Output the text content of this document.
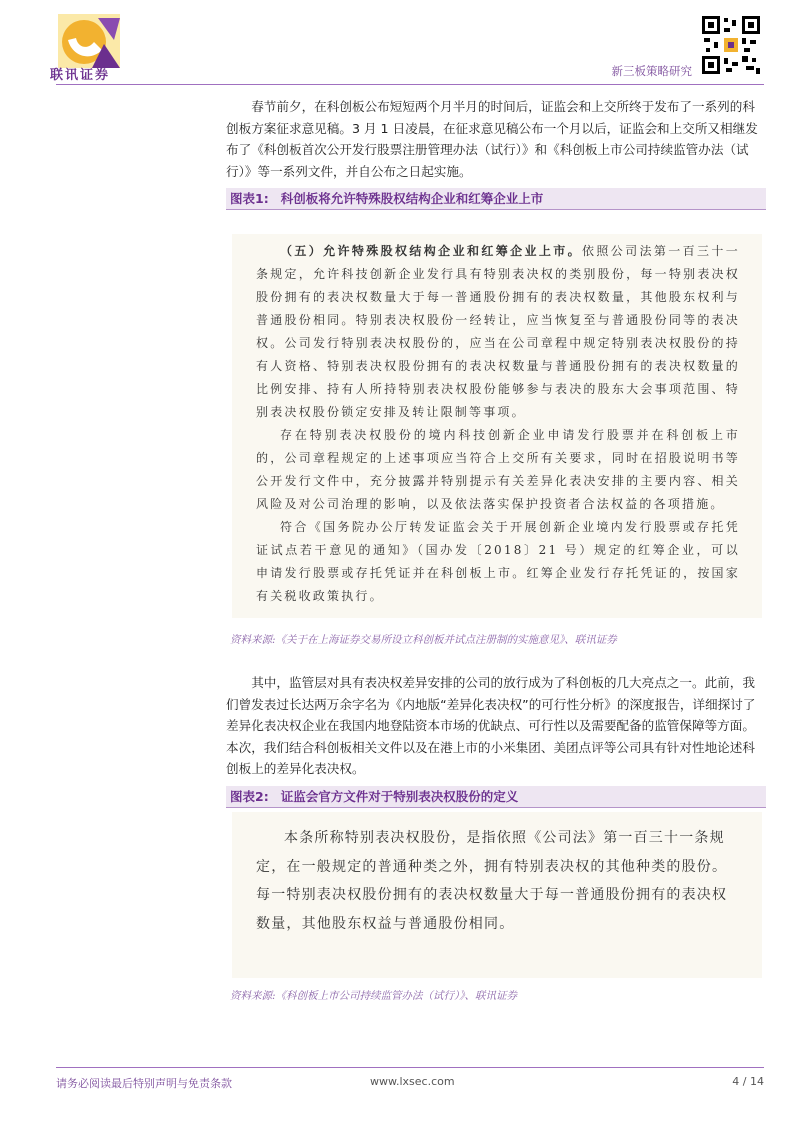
联讯证券	新三板策略研究

春节前夕，在科创板公布短短两个月半月的时间后，证监会和上交所终于发布了一系列的科创板方案征求意见稿。3 月 1 日凌晨，在征求意见稿公布一个月以后，证监会和上交所又相继发布了《科创板首次公开发行股票注册管理办法（试行）》和《科创板上市公司持续监管办法（试行）》等一系列文件，并自公布之日起实施。

图表1: 科创板将允许特殊股权结构企业和红筹企业上市

（五）允许特殊股权结构企业和红筹企业上市。依照公司法第一百三十一条规定，允许科技创新企业发行具有特别表决权的类别股份，每一特别表决权股份拥有的表决权数量大于每一普通股份拥有的表决权数量，其他股东权利与普通股份相同。特别表决权股份一经转让，应当恢复至与普通股份同等的表决权。公司发行特别表决权股份的，应当在公司章程中规定特别表决权股份的持有人资格、特别表决权股份拥有的表决权数量与普通股份拥有的表决权数量的比例安排、持有人所持特别表决权股份能够参与表决的股东大会事项范围、特别表决权股份锁定安排及转让限制等事项。

存在特别表决权股份的境内科技创新企业申请发行股票并在科创板上市的，公司章程规定的上述事项应当符合上交所有关要求，同时在招股说明书等公开发行文件中，充分披露并特别提示有关差异化表决安排的主要内容、相关风险及对公司治理的影响，以及依法落实保护投资者合法权益的各项措施。

符合《国务院办公厅转发证监会关于开展创新企业境内发行股票或存托凭证试点若干意见的通知》（国办发〔2018〕21 号）规定的红筹企业，可以申请发行股票或存托凭证并在科创板上市。红筹企业发行存托凭证的，按国家有关税收政策执行。

资料来源:《关于在上海证券交易所设立科创板并试点注册制的实施意见》、联讯证券

其中，监管层对具有表决权差异安排的公司的放行成为了科创板的几大亮点之一。此前，我们曾发表过长达两万余字名为《内地版“差异化表决权”的可行性分析》的深度报告，详细探讨了差异化表决权企业在我国内地登陆资本市场的优缺点、可行性以及需要配备的监管保障等方面。本次，我们结合科创板相关文件以及在港上市的小米集团、美团点评等公司具有针对性地论述科创板上的差异化表决权。

图表2: 证监会官方文件对于特别表决权股份的定义

本条所称特别表决权股份，是指依照《公司法》第一百三十一条规定，在一般规定的普通种类之外，拥有特别表决权的其他种类的股份。每一特别表决权股份拥有的表决权数量大于每一普通股份拥有的表决权数量，其他股东权益与普通股份相同。

资料来源:《科创板上市公司持续监管办法（试行）》、联讯证券
请务必阅读最后特别声明与免责条款	www.lxsec.com	4 / 14
